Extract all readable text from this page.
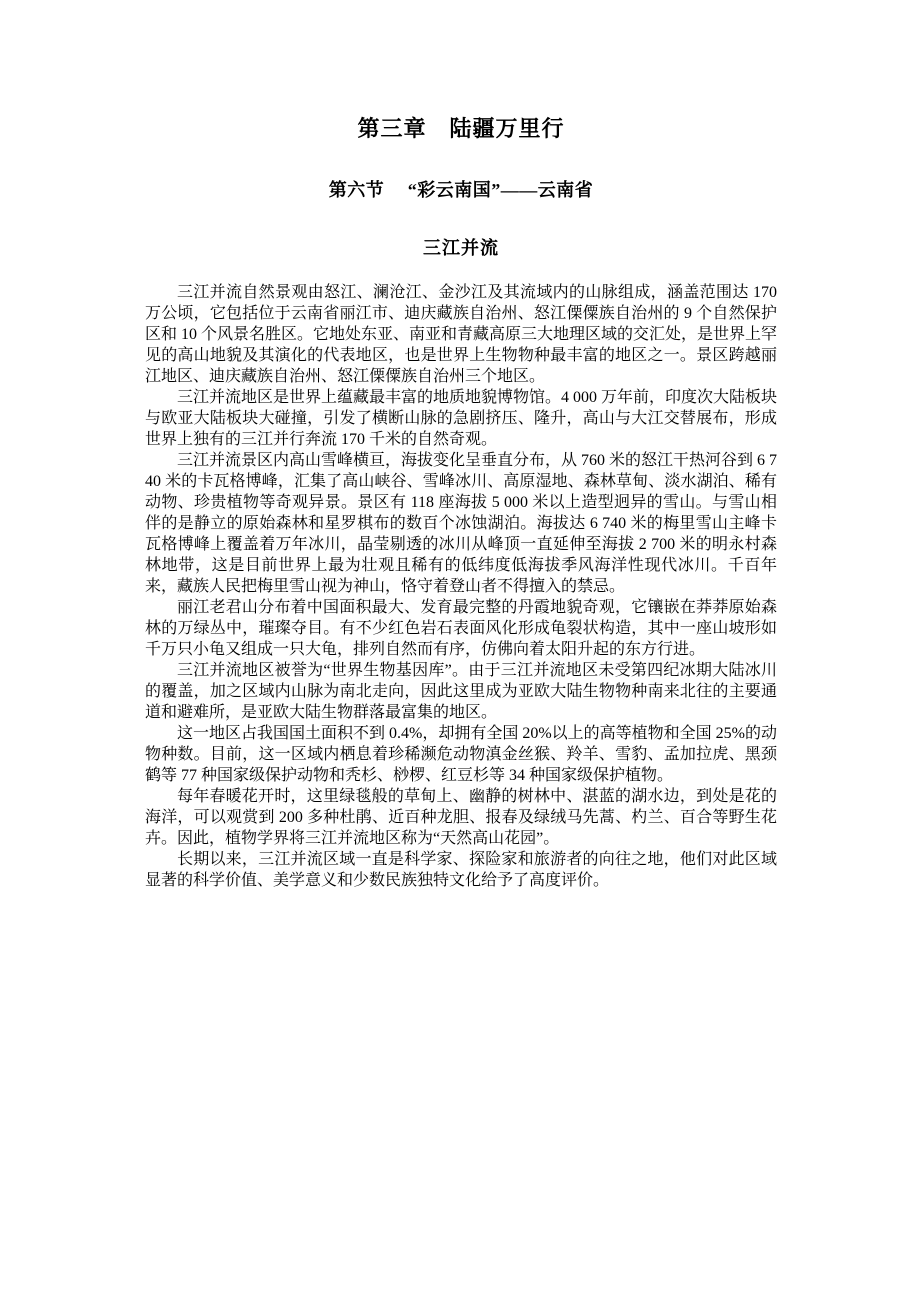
第三章　陆疆万里行
第六节　 “彩云南国”——云南省
三江并流

三江并流自然景观由怒江、澜沧江、金沙江及其流域内的山脉组成，涵盖范围达 170 万公顷，它包括位于云南省丽江市、迪庆藏族自治州、怒江傈僳族自治州的 9 个自然保护区和 10 个风景名胜区。它地处东亚、南亚和青藏高原三大地理区域的交汇处，是世界上罕见的高山地貌及其演化的代表地区，也是世界上生物物种最丰富的地区之一。景区跨越丽江地区、迪庆藏族自治州、怒江傈僳族自治州三个地区。

三江并流地区是世界上蕴藏最丰富的地质地貌博物馆。4 000 万年前，印度次大陆板块与欧亚大陆板块大碰撞，引发了横断山脉的急剧挤压、隆升，高山与大江交替展布，形成世界上独有的三江并行奔流 170 千米的自然奇观。

三江并流景区内高山雪峰横亘，海拔变化呈垂直分布，从 760 米的怒江干热河谷到 6 740 米的卡瓦格博峰，汇集了高山峡谷、雪峰冰川、高原湿地、森林草甸、淡水湖泊、稀有动物、珍贵植物等奇观异景。景区有 118 座海拔 5 000 米以上造型迥异的雪山。与雪山相伴的是静立的原始森林和星罗棋布的数百个冰蚀湖泊。海拔达 6 740 米的梅里雪山主峰卡瓦格博峰上覆盖着万年冰川，晶莹剔透的冰川从峰顶一直延伸至海拔 2 700 米的明永村森林地带，这是目前世界上最为壮观且稀有的低纬度低海拔季风海洋性现代冰川。千百年来，藏族人民把梅里雪山视为神山，恪守着登山者不得擅入的禁忌。

丽江老君山分布着中国面积最大、发育最完整的丹霞地貌奇观，它镶嵌在莽莽原始森林的万绿丛中，璀璨夺目。有不少红色岩石表面风化形成龟裂状构造，其中一座山坡形如千万只小龟又组成一只大龟，排列自然而有序，仿佛向着太阳升起的东方行进。

三江并流地区被誉为“世界生物基因库”。由于三江并流地区未受第四纪冰期大陆冰川的覆盖，加之区域内山脉为南北走向，因此这里成为亚欧大陆生物物种南来北往的主要通道和避难所，是亚欧大陆生物群落最富集的地区。

这一地区占我国国土面积不到 0.4%，却拥有全国 20%以上的高等植物和全国 25%的动物种数。目前，这一区域内栖息着珍稀濒危动物滇金丝猴、羚羊、雪豹、孟加拉虎、黑颈鹤等 77 种国家级保护动物和秃杉、桫椤、红豆杉等 34 种国家级保护植物。

每年春暖花开时，这里绿毯般的草甸上、幽静的树林中、湛蓝的湖水边，到处是花的海洋，可以观赏到 200 多种杜鹃、近百种龙胆、报春及绿绒马先蒿、杓兰、百合等野生花卉。因此，植物学界将三江并流地区称为“天然高山花园”。

长期以来，三江并流区域一直是科学家、探险家和旅游者的向往之地，他们对此区域显著的科学价值、美学意义和少数民族独特文化给予了高度评价。
